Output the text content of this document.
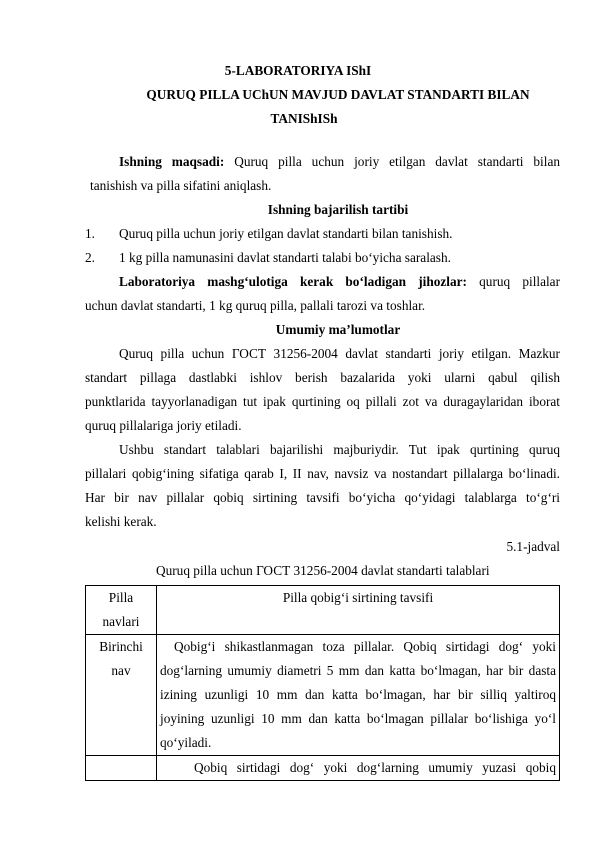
5-LABORATORIYA IShI
QURUQ PILLA UChUN MAVJUD DAVLAT STANDARTI BILAN
TANIShISh
Ishning maqsadi: Quruq pilla uchun joriy etilgan davlat standarti bilan
tanishish va pilla sifatini aniqlash.
Ishning bajarilish tartibi
1. Quruq pilla uchun joriy etilgan davlat standarti bilan tanishish.
2. 1 kg pilla namunasini davlat standarti talabi bo‘yicha saralash.
Laboratoriya mashg‘ulotiga kerak bo‘ladigan jihozlar: quruq pillalar
uchun davlat standarti, 1 kg quruq pilla, pallali tarozi va toshlar.
Umumiy ma’lumotlar
Quruq pilla uchun ГОСТ 31256-2004 davlat standarti joriy etilgan. Mazkur
standart pillaga dastlabki ishlov berish bazalarida yoki ularni qabul qilish
punktlarida tayyorlanadigan tut ipak qurtining oq pillali zot va duragaylaridan iborat
quruq pillalariga joriy etiladi.
Ushbu standart talablari bajarilishi majburiydir. Tut ipak qurtining quruq
pillalari qobig‘ining sifatiga qarab I, II nav, navsiz va nostandart pillalarga bo‘linadi.
Har bir nav pillalar qobiq sirtining tavsifi bo‘yicha qo‘yidagi talablarga to‘g‘ri
kelishi kerak.
5.1-jadval
Quruq pilla uchun ГОСТ 31256-2004 davlat standarti talablari
Pilla
navlari	Pilla qobig‘i sirtining tavsifi

Birinchi
nav	Qobig‘i shikastlanmagan toza pillalar. Qobiq sirtidagi dog‘ yoki
dog‘larning umumiy diametri 5 mm dan katta bo‘lmagan, har bir dasta
izining uzunligi 10 mm dan katta bo‘lmagan, har bir silliq yaltiroq
joyining uzunligi 10 mm dan katta bo‘lmagan pillalar bo‘lishiga yo‘l
qo‘yiladi.

	Qobiq sirtidagi dog‘ yoki dog‘larning umumiy yuzasi qobiq
